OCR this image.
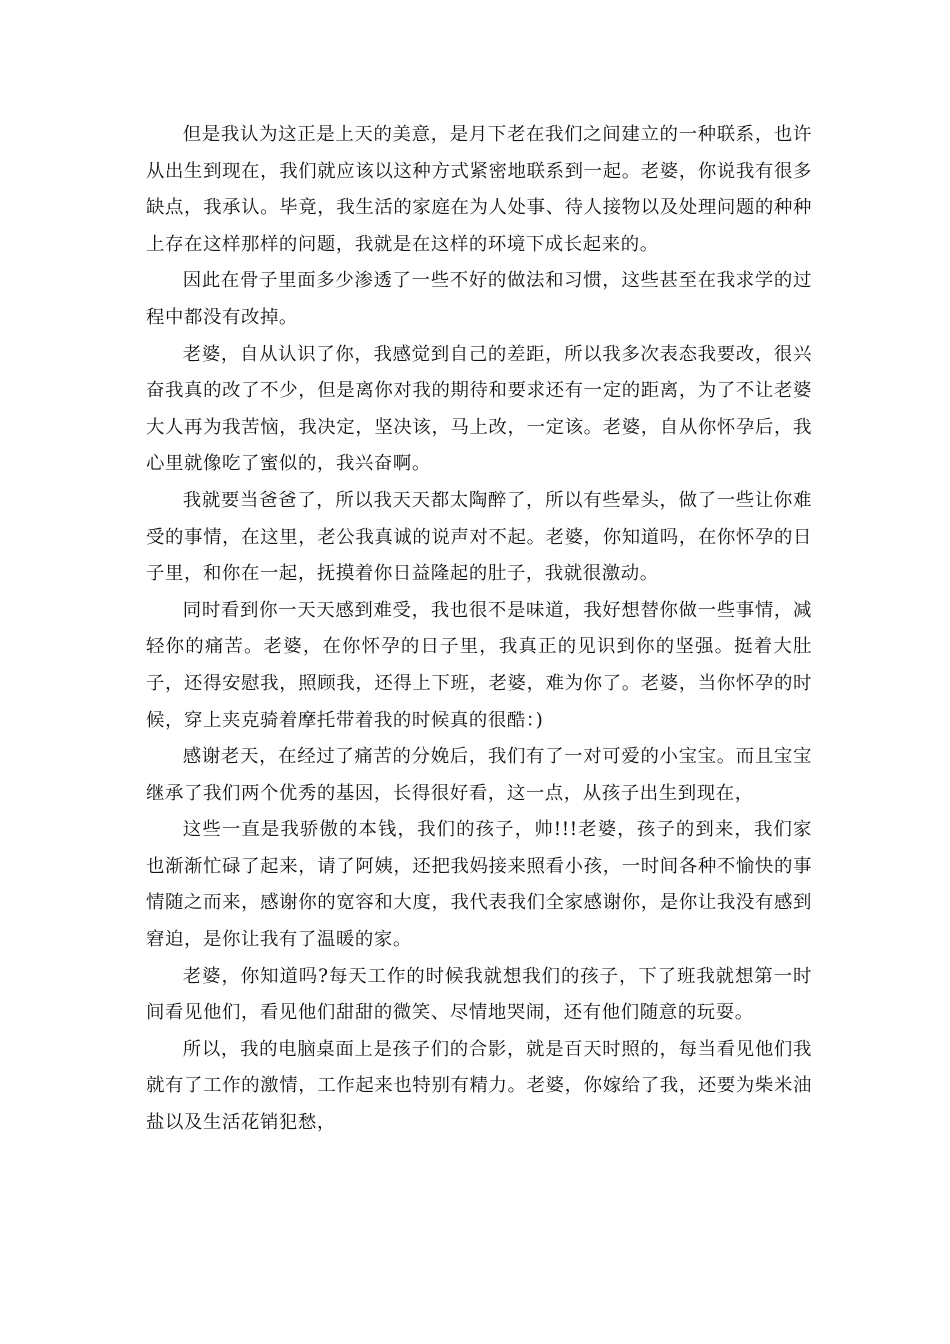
但是我认为这正是上天的美意，是月下老在我们之间建立的一种联系，也许从出生到现在，我们就应该以这种方式紧密地联系到一起。老婆，你说我有很多缺点，我承认。毕竟，我生活的家庭在为人处事、待人接物以及处理问题的种种上存在这样那样的问题，我就是在这样的环境下成长起来的。

因此在骨子里面多少渗透了一些不好的做法和习惯，这些甚至在我求学的过程中都没有改掉。

老婆，自从认识了你，我感觉到自己的差距，所以我多次表态我要改，很兴奋我真的改了不少，但是离你对我的期待和要求还有一定的距离，为了不让老婆大人再为我苦恼，我决定，坚决该，马上改，一定该。老婆，自从你怀孕后，我心里就像吃了蜜似的，我兴奋啊。

我就要当爸爸了，所以我天天都太陶醉了，所以有些晕头，做了一些让你难受的事情，在这里，老公我真诚的说声对不起。老婆，你知道吗，在你怀孕的日子里，和你在一起，抚摸着你日益隆起的肚子，我就很激动。

同时看到你一天天感到难受，我也很不是味道，我好想替你做一些事情，减轻你的痛苦。老婆，在你怀孕的日子里，我真正的见识到你的坚强。挺着大肚子，还得安慰我，照顾我，还得上下班，老婆，难为你了。老婆，当你怀孕的时候，穿上夹克骑着摩托带着我的时候真的很酷：)

感谢老天，在经过了痛苦的分娩后，我们有了一对可爱的小宝宝。而且宝宝继承了我们两个优秀的基因，长得很好看，这一点，从孩子出生到现在，

这些一直是我骄傲的本钱，我们的孩子，帅!!!老婆，孩子的到来，我们家也渐渐忙碌了起来，请了阿姨，还把我妈接来照看小孩，一时间各种不愉快的事情随之而来，感谢你的宽容和大度，我代表我们全家感谢你，是你让我没有感到窘迫，是你让我有了温暖的家。

老婆，你知道吗?每天工作的时候我就想我们的孩子，下了班我就想第一时间看见他们，看见他们甜甜的微笑、尽情地哭闹，还有他们随意的玩耍。

所以，我的电脑桌面上是孩子们的合影，就是百天时照的，每当看见他们我就有了工作的激情，工作起来也特别有精力。老婆，你嫁给了我，还要为柴米油盐以及生活花销犯愁，
